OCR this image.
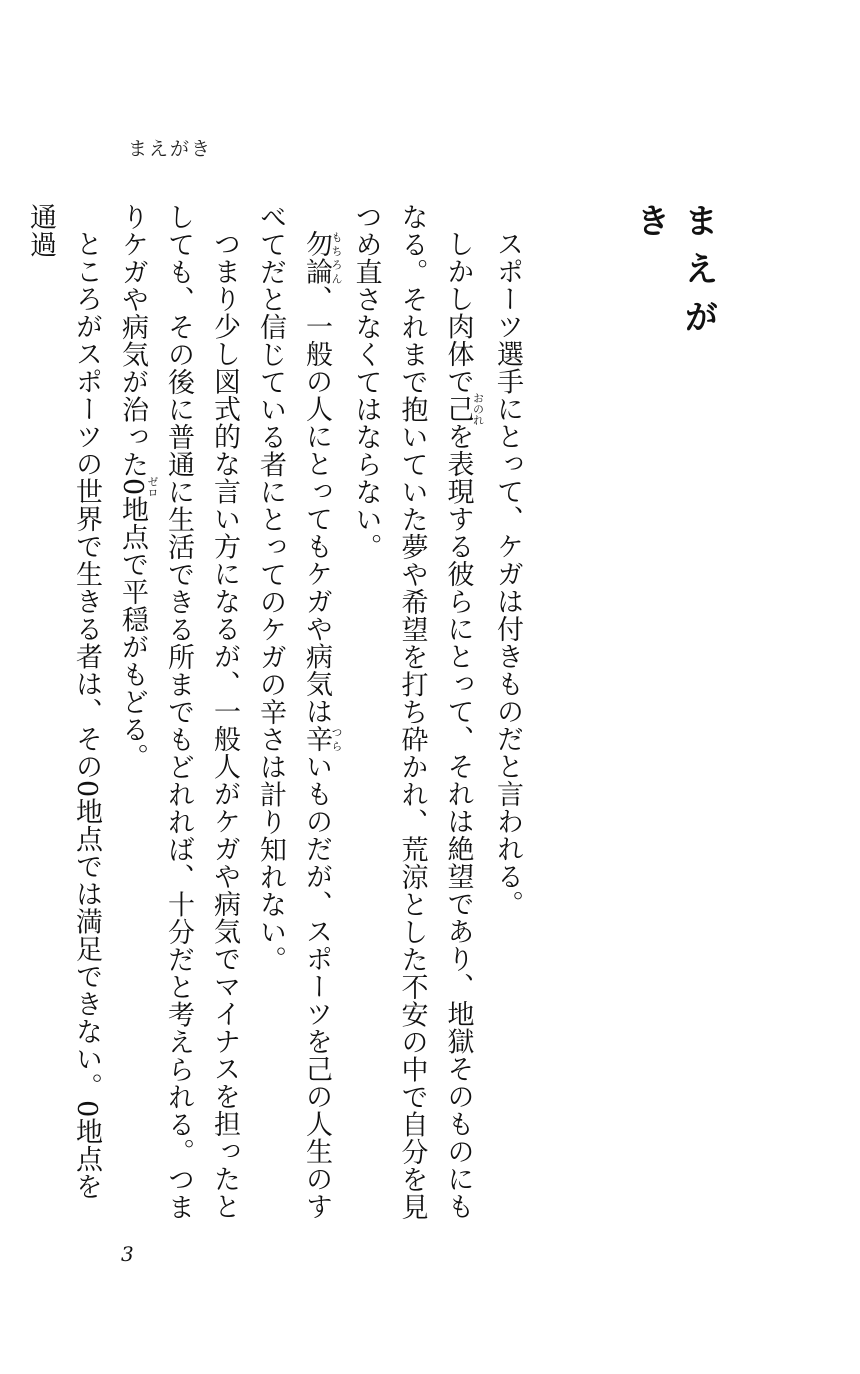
まえがき
まえがき

スポーツ選手にとって、ケガは付きものだと言われる。

しかし肉体で己おのれを表現する彼らにとって、それは絶望であり、地獄そのものにもなる。それまで抱いていた夢や希望を打ち砕かれ、荒涼とした不安の中で自分を見つめ直さなくてはならない。

勿論もちろん、一般の人にとってもケガや病気は辛つらいものだが、スポーツを己の人生のすべてだと信じている者にとってのケガの辛さは計り知れない。

つまり少し図式的な言い方になるが、一般人がケガや病気でマイナスを担ったとしても、その後に普通に生活できる所までもどれれば、十分だと考えられる。つまりケガや病気が治った0ゼロ地点で平穏がもどる。

ところがスポーツの世界で生きる者は、その0地点では満足できない。0地点を通過

3
